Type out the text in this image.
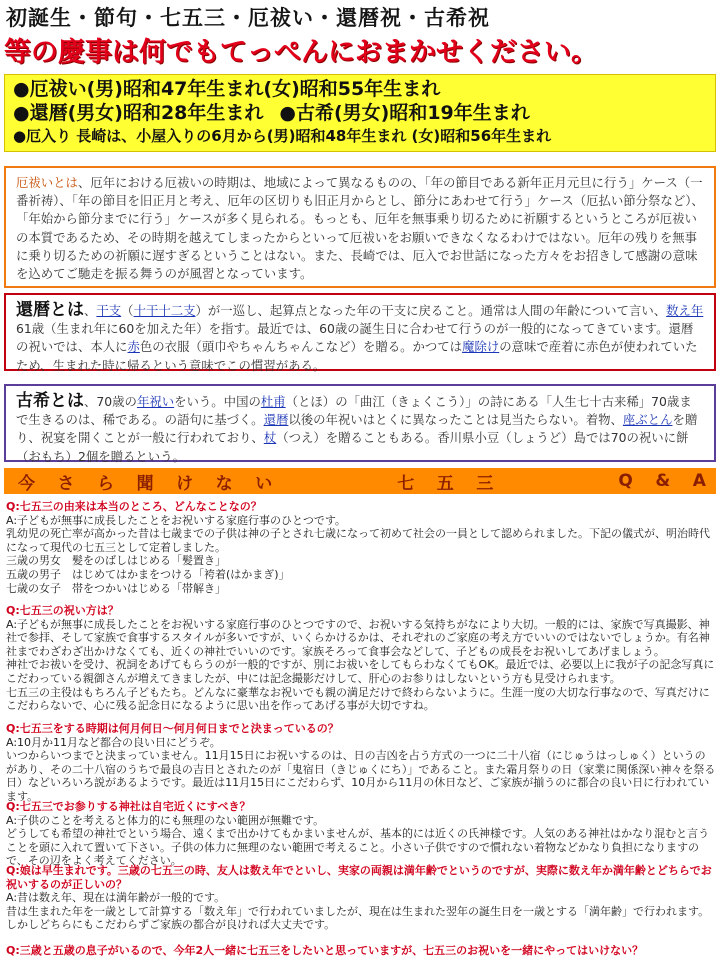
初誕生・節句・七五三・厄祓い・還暦祝・古希祝
等の慶事は何でもてっぺんにおまかせください。
●厄祓い(男)昭和47年生まれ(女)昭和55年生まれ
●還暦(男女)昭和28年生まれ ●古希(男女)昭和19年生まれ
●厄入り 長崎は、小屋入りの6月から(男)昭和48年生まれ (女)昭和56年生まれ
厄祓いとは、厄年における厄祓いの時期は、地域によって異なるものの、「年の節目である新年正月元旦に行う」ケース（一番祈祷）、「年の節目を旧正月と考え、厄年の区切りも旧正月からとし、節分にあわせて行う」ケース（厄払い節分祭など）、「年始から節分までに行う」ケースが多く見られる。もっとも、厄年を無事乗り切るために祈願するというところが厄祓いの本質であるため、その時期を越えてしまったからといって厄祓いをお願いできなくなるわけではない。厄年の残りを無事に乗り切るための祈願に遅すぎるということはない。また、長崎では、厄入でお世話になった方々をお招きして感謝の意味を込めてご馳走を振る舞うのが風習となっています。
還暦とは、干支（十干十二支）が一巡し、起算点となった年の干支に戻ること。通常は人間の年齢について言い、数え年61歳（生まれ年に60を加えた年）を指す。最近では、60歳の誕生日に合わせて行うのが一般的になってきています。還暦の祝いでは、本人に赤色の衣服（頭巾やちゃんちゃんこなど）を贈る。かつては魔除けの意味で産着に赤色が使われていたため、生まれた時に帰るという意味でこの慣習がある。
古希とは、70歳の年祝いをいう。中国の杜甫（とほ）の「曲江（きょくこう）」の詩にある「人生七十古来稀」70歳まで生きるのは、稀である。の語句に基づく。還暦以後の年祝いはとくに異なったことは見当たらない。着物、座ぶとんを贈り、祝宴を開くことが一般に行われており、杖（つえ）を贈ることもある。香川県小豆（しょうど）島では70の祝いに餅（おもち）2個を贈るという。
今 さ ら 聞 け な い	七 五 三	Q & A

Q:七五三の由来は本当のところ、どんなことなの？

A:子どもが無事に成長したことをお祝いする家庭行事のひとつです。

乳幼児の死亡率が高かった昔は七歳までの子供は神の子とされ七歳になって初めて社会の一員として認められました。下記の儀式が、明治時代になって現代の七五三として定着しました。

三歳の男女　髪をのばしはじめる「髪置き」

五歳の男子　はじめてはかまをつける「袴着(はかまぎ)」

七歳の女子　帯をつかいはじめる「帯解き」

Q:七五三の祝い方は？

A:子どもが無事に成長したことをお祝いする家庭行事のひとつですので、お祝いする気持ちがなにより大切。一般的には、家族で写真撮影、神社で参拝、そして家族で食事するスタイルが多いですが、いくらかけるかは、それぞれのご家庭の考え方でいいのではないでしょうか。有名神社までわざわざ出かけなくても、近くの神社でいいのです。家族そろって食事会などして、子どもの成長をお祝いしてあげましょう。

神社でお祓いを受け、祝詞をあげてもらうのが一般的ですが、別にお祓いをしてもらわなくてもOK。最近では、必要以上に我が子の記念写真にこだわっている親御さんが増えてきましたが、中には記念撮影だけして、肝心のお参りはしないという方も見受けられます。

七五三の主役はもちろん子どもたち。どんなに豪華なお祝いでも親の満足だけで終わらないように。生涯一度の大切な行事なので、写真だけにこだわらないで、心に残る記念日になるように思い出を作ってあげる事が大切ですね。

Q:七五三をする時期は何月何日～何月何日までと決まっているの？

A:10月か11月など都合の良い日にどうぞ。

いつからいつまでと決まっていません。11月15日にお祝いするのは、日の吉凶を占う方式の一つに二十八宿（にじゅうはっしゅく）というのがあり、その二十八宿のうちで最良の吉日とされたのが「鬼宿日（きじゅくにち）」であること。また霜月祭りの日（家業に関係深い神々を祭る日）などいろいろ説があるようです。最近は11月15日にこだわらず、10月から11月の休日など、ご家族が揃うのに都合の良い日に行われています。

Q:七五三でお参りする神社は自宅近くにすべき？

A:子供のことを考えると体力的にも無理のない範囲が無難です。

どうしても希望の神社でという場合、遠くまで出かけてもかまいませんが、基本的には近くの氏神様です。人気のある神社はかなり混むと言うことを頭に入れて置いて下さい。子供の体力に無理のない範囲で考えること。小さい子供ですので慣れない着物などかなり負担になりますので、その辺をよく考えてください。

Q:娘は早生まれです。三歳の七五三の時、友人は数え年でといし、実家の両親は満年齢でというのですが、実際に数え年か満年齢とどちらでお祝いするのが正しいの？

A:昔は数え年、現在は満年齢が一般的です。

昔は生まれた年を一歳として計算する「数え年」で行われていましたが、現在は生まれた翌年の誕生日を一歳とする「満年齢」で行われます。しかしどちらにもこだわらずご家族の都合が良ければ大丈夫です。

Q:三歳と五歳の息子がいるので、今年2人一緒に七五三をしたいと思っていますが、七五三のお祝いを一緒にやってはいけない？
